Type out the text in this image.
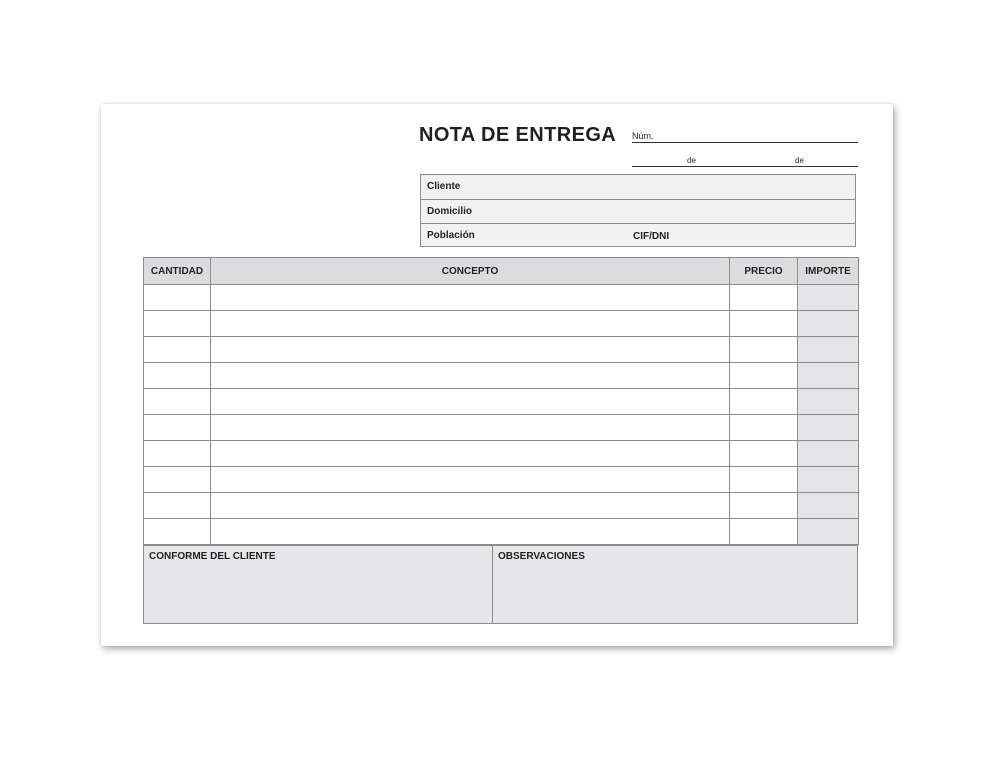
NOTA DE ENTREGA Núm.
de	de
Cliente
Domicilio
Población	CIF/DNI
CANTIDAD	CONCEPTO	PRECIO	IMPORTE

CONFORME DEL CLIENTE	OBSERVACIONES
